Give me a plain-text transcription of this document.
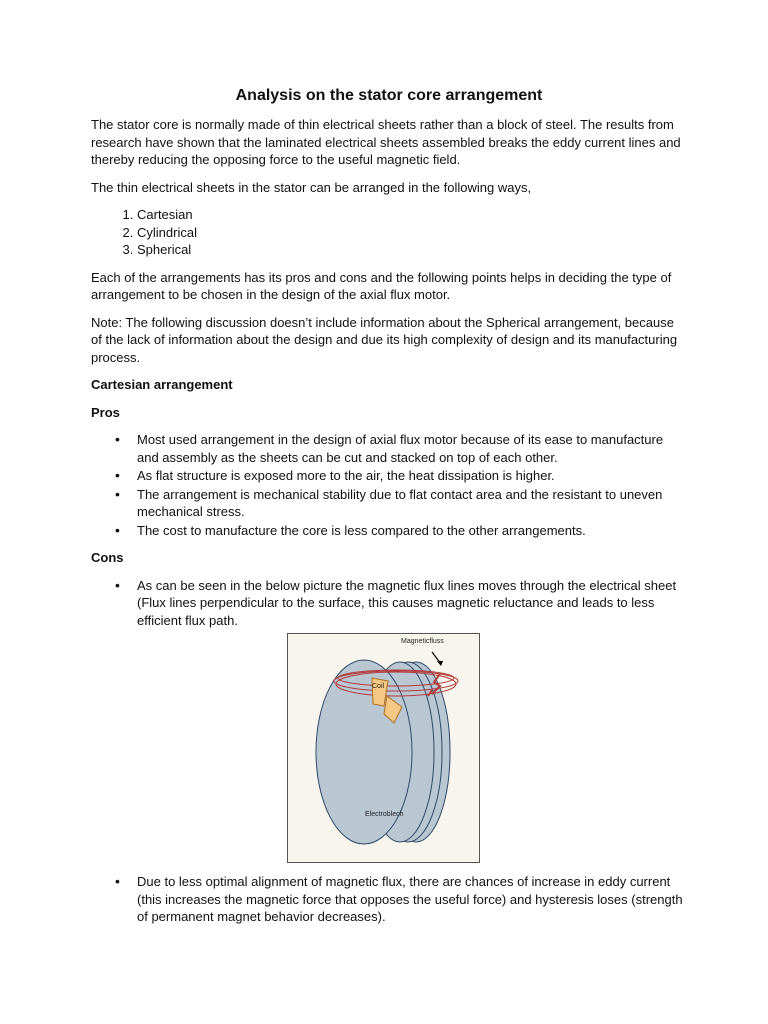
Analysis on the stator core arrangement

The stator core is normally made of thin electrical sheets rather than a block of steel. The results from research have shown that the laminated electrical sheets assembled breaks the eddy current lines and thereby reducing the opposing force to the useful magnetic field.

The thin electrical sheets in the stator can be arranged in the following ways,

1. Cartesian
2. Cylindrical
3. Spherical

Each of the arrangements has its pros and cons and the following points helps in deciding the type of arrangement to be chosen in the design of the axial flux motor.

Note: The following discussion doesn’t include information about the Spherical arrangement, because of the lack of information about the design and due its high complexity of design and its manufacturing process.

Cartesian arrangement

Pros

• Most used arrangement in the design of axial flux motor because of its ease to manufacture and assembly as the sheets can be cut and stacked on top of each other.
• As flat structure is exposed more to the air, the heat dissipation is higher.
• The arrangement is mechanical stability due to flat contact area and the resistant to uneven mechanical stress.
• The cost to manufacture the core is less compared to the other arrangements.

Cons

• As can be seen in the below picture the magnetic flux lines moves through the electrical sheet (Flux lines perpendicular to the surface, this causes magnetic reluctance and leads to less efficient flux path.
Magneticfluss
Coil
Electroblech
• Due to less optimal alignment of magnetic flux, there are chances of increase in eddy current (this increases the magnetic force that opposes the useful force) and hysteresis loses (strength of permanent magnet behavior decreases).
